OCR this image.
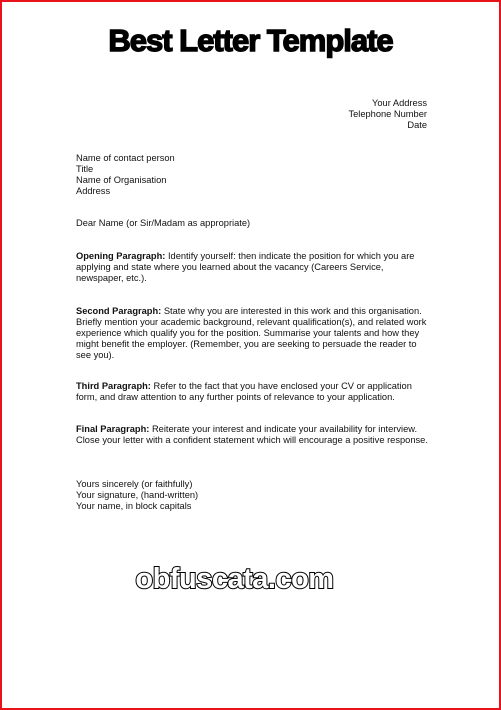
Best Letter Template
Your Address
Telephone Number
Date
Name of contact person
Title
Name of Organisation
Address
Dear Name (or Sir/Madam as appropriate)
Opening Paragraph: Identify yourself: then indicate the position for which you are applying and state where you learned about the vacancy (Careers Service, newspaper, etc.).
Second Paragraph: State why you are interested in this work and this organisation. Briefly mention your academic background, relevant qualification(s), and related work experience which qualify you for the position. Summarise your talents and how they might benefit the employer. (Remember, you are seeking to persuade the reader to see you).
Third Paragraph: Refer to the fact that you have enclosed your CV or application form, and draw attention to any further points of relevance to your application.
Final Paragraph: Reiterate your interest and indicate your availability for interview. Close your letter with a confident statement which will encourage a positive response.
Yours sincerely (or faithfully)
Your signature, (hand-written)
Your name, in block capitals
obfuscata.com
